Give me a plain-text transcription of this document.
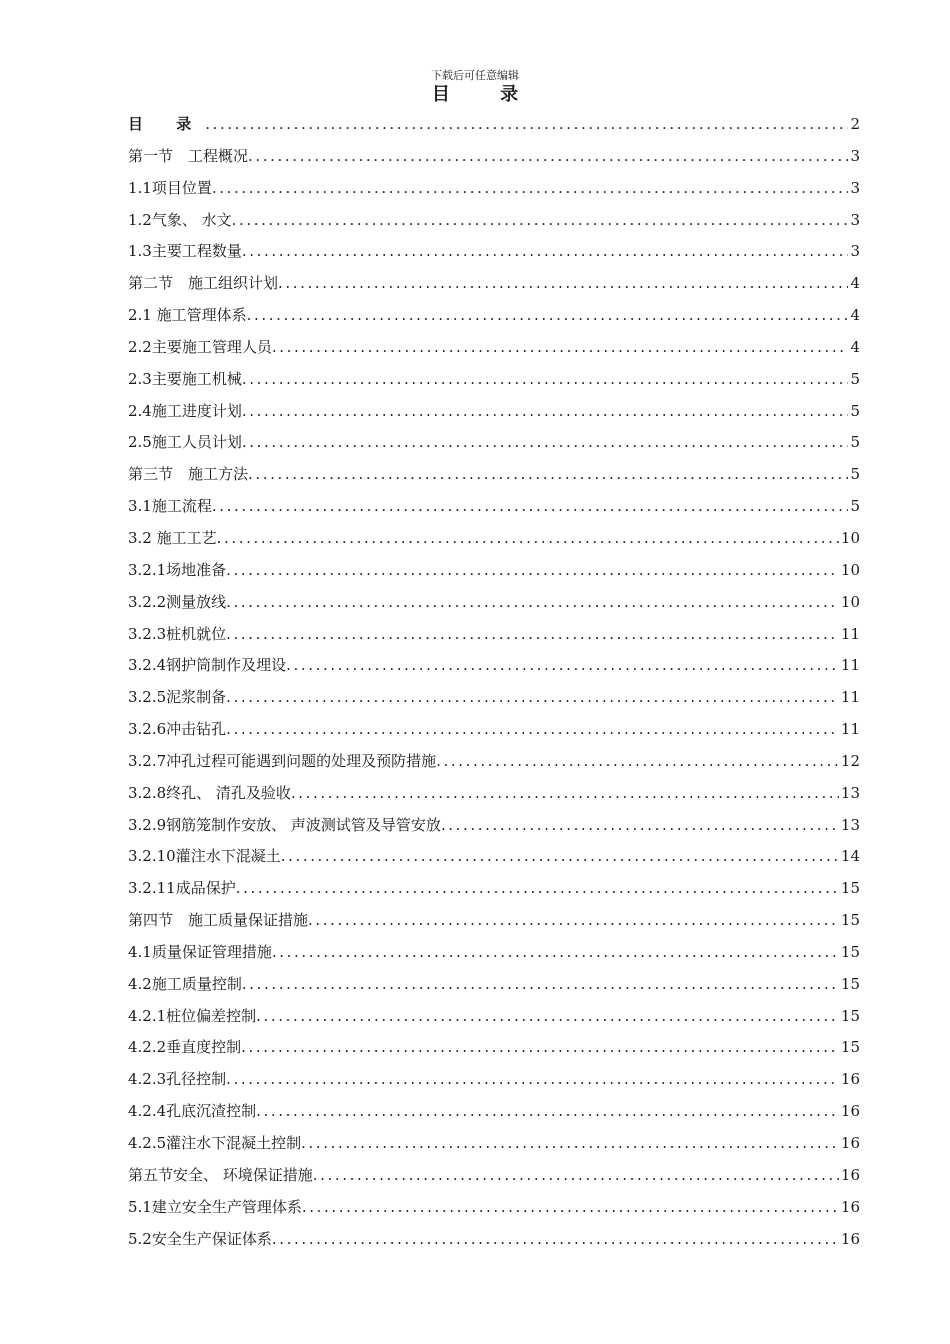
下载后可任意编辑
目 录
目 录 .....	2
第一节　工程概况 .....	3
1.1项目位置 .....	3
1.2气象、 水文 .....	3
1.3主要工程数量 .....	3
第二节　施工组织计划 .....	4
2.1 施工管理体系 .....	4
2.2主要施工管理人员 .....	4
2.3主要施工机械 .....	5
2.4施工进度计划 .....	5
2.5施工人员计划 .....	5
第三节　施工方法 .....	5
3.1施工流程 .....	5
3.2 施工工艺 .....	10
3.2.1场地准备 .....	10
3.2.2测量放线 .....	10
3.2.3桩机就位 .....	11
3.2.4钢护筒制作及埋设 .....	11
3.2.5泥浆制备 .....	11
3.2.6冲击钻孔 .....	11
3.2.7冲孔过程可能遇到问题的处理及预防措施 .....	12
3.2.8终孔、 清孔及验收 .....	13
3.2.9钢筋笼制作安放、 声波测试管及导管安放 .....	13
3.2.10灌注水下混凝土 .....	14
3.2.11成品保护 .....	15
第四节　施工质量保证措施 .....	15
4.1质量保证管理措施 .....	15
4.2施工质量控制 .....	15
4.2.1桩位偏差控制 .....	15
4.2.2垂直度控制 .....	15
4.2.3孔径控制 .....	16
4.2.4孔底沉渣控制 .....	16
4.2.5灌注水下混凝土控制 .....	16
第五节安全、 环境保证措施 .....	16
5.1建立安全生产管理体系 .....	16
5.2安全生产保证体系 .....	16
